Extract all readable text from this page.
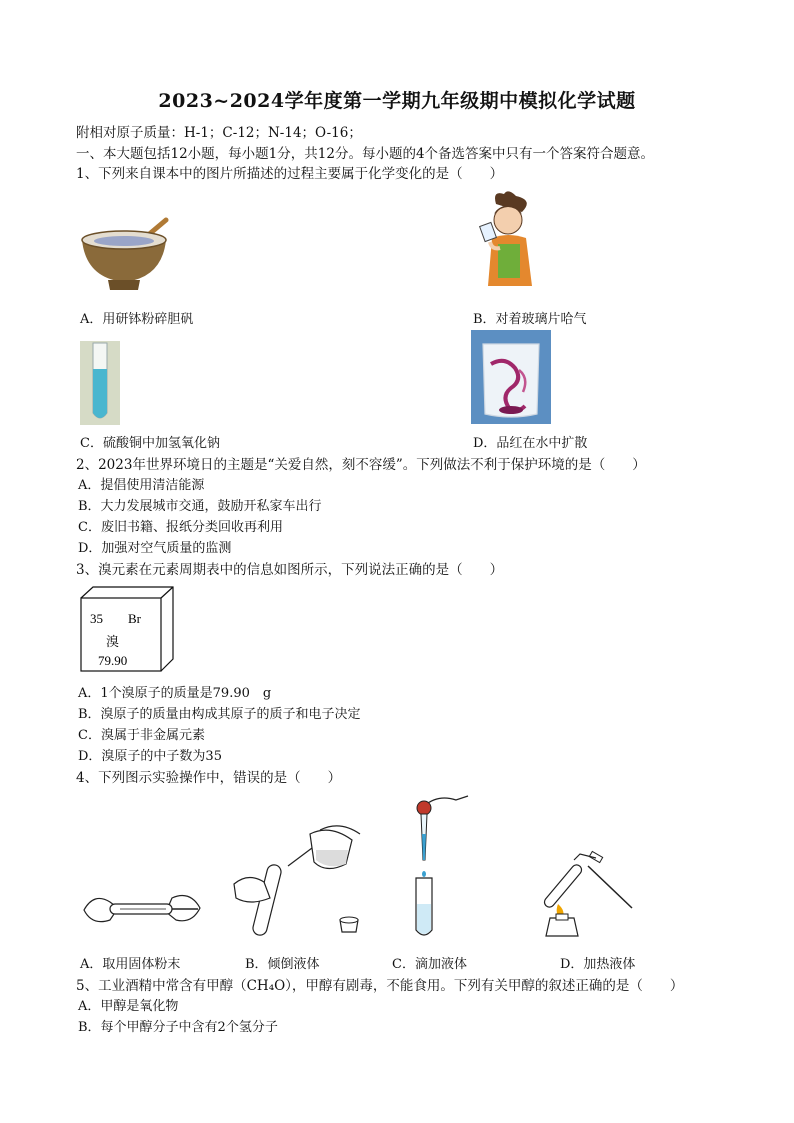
2023~2024学年度第一学期九年级期中模拟化学试题
附相对原子质量：H-1；C-12；N-14；O-16；
一、本大题包括12小题，每小题1分，共12分。每小题的4个备选答案中只有一个答案符合题意。
1、下列来自课本中的图片所描述的过程主要属于化学变化的是（　　）
A．用研钵粉碎胆矾	B．对着玻璃片哈气
C．硫酸铜中加氢氧化钠	D．品红在水中扩散
2、2023年世界环境日的主题是“关爱自然，刻不容缓”。下列做法不利于保护环境的是（　　）
A．提倡使用清洁能源
B．大力发展城市交通，鼓励开私家车出行
C．废旧书籍、报纸分类回收再利用
D．加强对空气质量的监测
3、溴元素在元素周期表中的信息如图所示，下列说法正确的是（　　）
35 Br
溴
79.90
A．1个溴原子的质量是79.90　g
B．溴原子的质量由构成其原子的质子和电子决定
C．溴属于非金属元素
D．溴原子的中子数为35
4、下列图示实验操作中，错误的是（　　）
A．取用固体粉末	B．倾倒液体	C．滴加液体	D．加热液体
5、工业酒精中常含有甲醇（CH₄O），甲醇有剧毒，不能食用。下列有关甲醇的叙述正确的是（　　）
A．甲醇是氧化物
B．每个甲醇分子中含有2个氢分子
